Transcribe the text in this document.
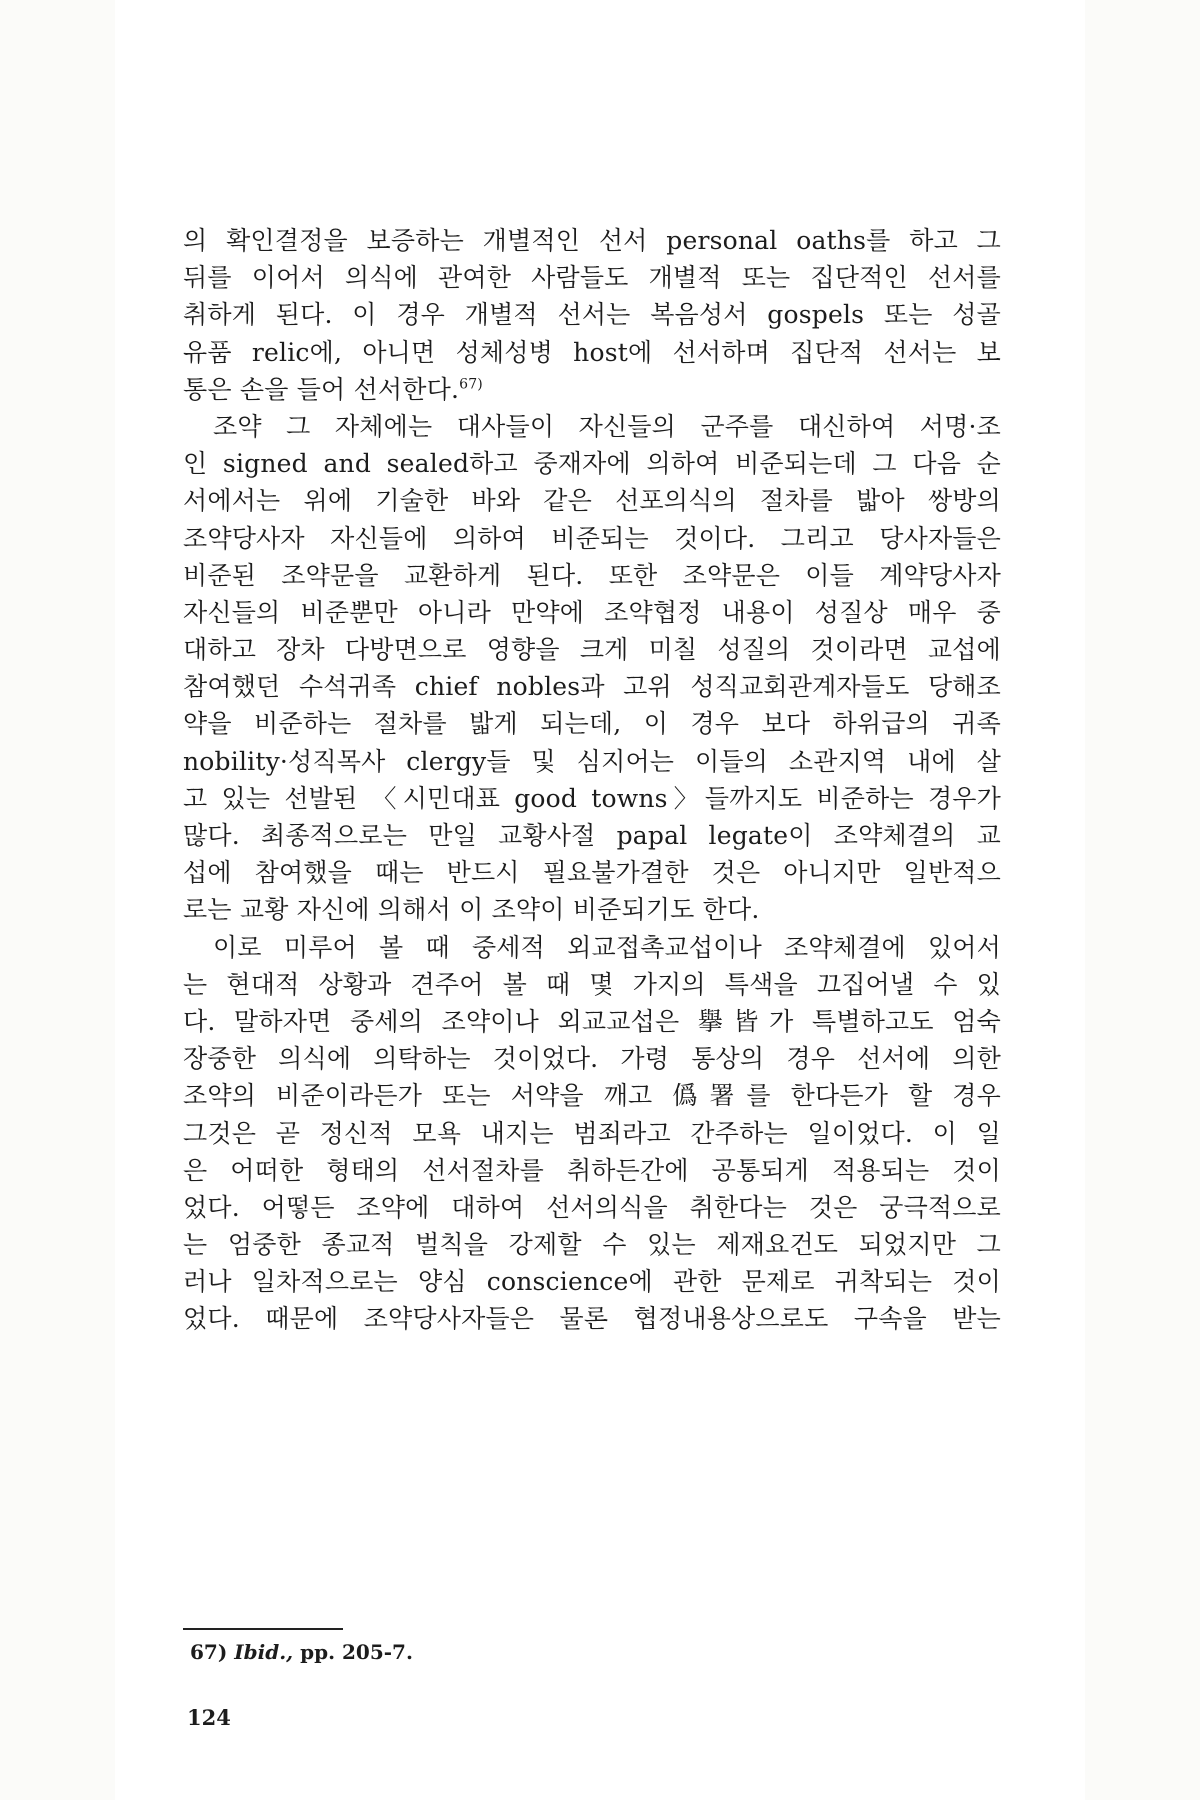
의 확인결정을 보증하는 개별적인 선서 personal oaths를 하고 그
뒤를 이어서 의식에 관여한 사람들도 개별적 또는 집단적인 선서를
취하게 된다. 이 경우 개별적 선서는 복음성서 gospels 또는 성골
유품 relic에, 아니면 성체성병 host에 선서하며 집단적 선서는 보
통은 손을 들어 선서한다.$^{67)}$
조약 그 자체에는 대사들이 자신들의 군주를 대신하여 서명·조
인 signed and sealed하고 중재자에 의하여 비준되는데 그 다음 순
서에서는 위에 기술한 바와 같은 선포의식의 절차를 밟아 쌍방의
조약당사자 자신들에 의하여 비준되는 것이다. 그리고 당사자들은
비준된 조약문을 교환하게 된다. 또한 조약문은 이들 계약당사자
자신들의 비준뿐만 아니라 만약에 조약협정 내용이 성질상 매우 중
대하고 장차 다방면으로 영향을 크게 미칠 성질의 것이라면 교섭에
참여했던 수석귀족 chief nobles과 고위 성직교회관계자들도 당해조
약을 비준하는 절차를 밟게 되는데, 이 경우 보다 하위급의 귀족
nobility·성직목사 clergy들 및 심지어는 이들의 소관지역 내에 살
고 있는 선발된 〈시민대표 good towns〉들까지도 비준하는 경우가
많다. 최종적으로는 만일 교황사절 papal legate이 조약체결의 교
섭에 참여했을 때는 반드시 필요불가결한 것은 아니지만 일반적으
로는 교황 자신에 의해서 이 조약이 비준되기도 한다.
이로 미루어 볼 때 중세적 외교접촉교섭이나 조약체결에 있어서
는 현대적 상황과 견주어 볼 때 몇 가지의 특색을 끄집어낼 수 있
다. 말하자면 중세의 조약이나 외교교섭은 擧皆가 특별하고도 엄숙
장중한 의식에 의탁하는 것이었다. 가령 통상의 경우 선서에 의한
조약의 비준이라든가 또는 서약을 깨고 僞署를 한다든가 할 경우
그것은 곧 정신적 모욕 내지는 범죄라고 간주하는 일이었다. 이 일
은 어떠한 형태의 선서절차를 취하든간에 공통되게 적용되는 것이
었다. 어떻든 조약에 대하여 선서의식을 취한다는 것은 궁극적으로
는 엄중한 종교적 벌칙을 강제할 수 있는 제재요건도 되었지만 그
러나 일차적으로는 양심 conscience에 관한 문제로 귀착되는 것이
었다. 때문에 조약당사자들은 물론 협정내용상으로도 구속을 받는
67) Ibid., pp. 205-7.
124
